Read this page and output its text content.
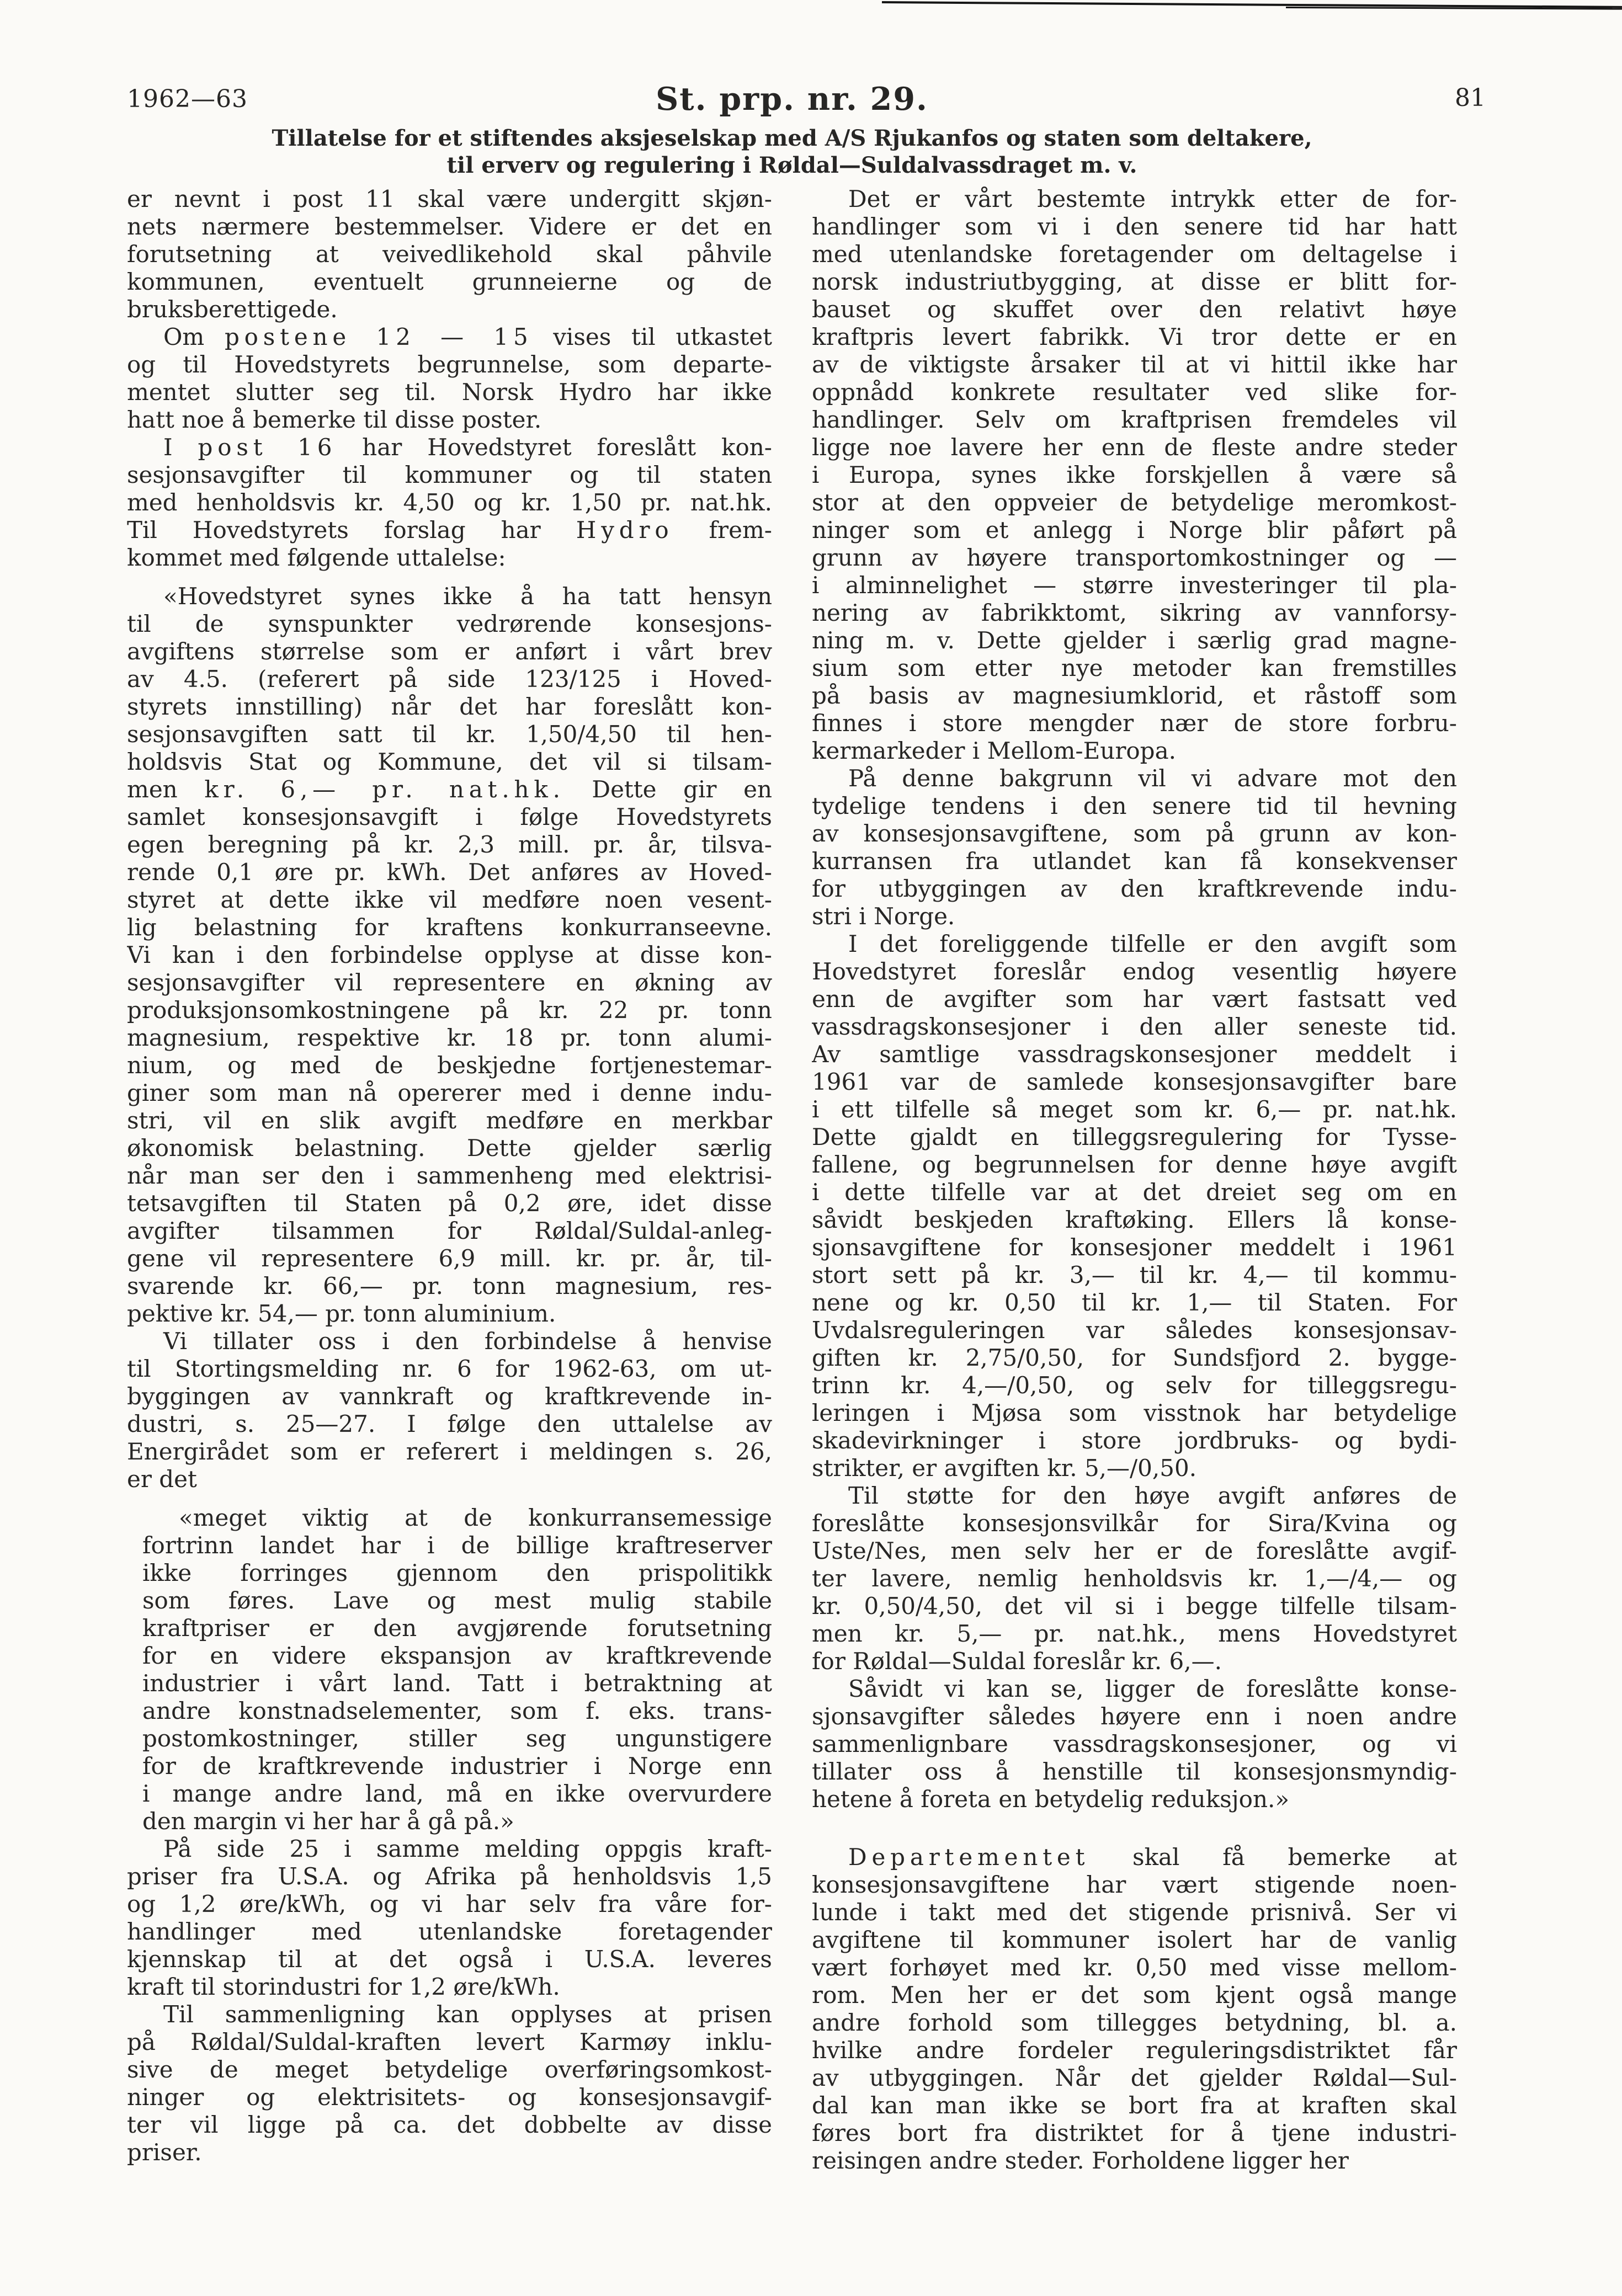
1962—63	St. prp. nr. 29.	81
Tillatelse for et stiftendes aksjeselskap med A/S Rjukanfos og staten som deltakere,
til erverv og regulering i Røldal—Suldalvassdraget m. v.
er nevnt i post 11 skal være undergitt skjøn-
nets nærmere bestemmelser. Videre er det en
forutsetning at veivedlikehold skal påhvile
kommunen, eventuelt grunneierne og de
bruksberettigede.
Om postene 12 — 15 vises til utkastet
og til Hovedstyrets begrunnelse, som departe-
mentet slutter seg til. Norsk Hydro har ikke
hatt noe å bemerke til disse poster.
I post 16 har Hovedstyret foreslått kon-
sesjonsavgifter til kommuner og til staten
med henholdsvis kr. 4,50 og kr. 1,50 pr. nat.hk.
Til Hovedstyrets forslag har Hydro frem-
kommet med følgende uttalelse:
«Hovedstyret synes ikke å ha tatt hensyn
til de synspunkter vedrørende konsesjons-
avgiftens størrelse som er anført i vårt brev
av 4.5. (referert på side 123/125 i Hoved-
styrets innstilling) når det har foreslått kon-
sesjonsavgiften satt til kr. 1,50/4,50 til hen-
holdsvis Stat og Kommune, det vil si tilsam-
men kr. 6,— pr. nat.hk. Dette gir en
samlet konsesjonsavgift i følge Hovedstyrets
egen beregning på kr. 2,3 mill. pr. år, tilsva-
rende 0,1 øre pr. kWh. Det anføres av Hoved-
styret at dette ikke vil medføre noen vesent-
lig belastning for kraftens konkurranseevne.
Vi kan i den forbindelse opplyse at disse kon-
sesjonsavgifter vil representere en økning av
produksjonsomkostningene på kr. 22 pr. tonn
magnesium, respektive kr. 18 pr. tonn alumi-
nium, og med de beskjedne fortjenestemar-
giner som man nå opererer med i denne indu-
stri, vil en slik avgift medføre en merkbar
økonomisk belastning. Dette gjelder særlig
når man ser den i sammenheng med elektrisi-
tetsavgiften til Staten på 0,2 øre, idet disse
avgifter tilsammen for Røldal/Suldal-anleg-
gene vil representere 6,9 mill. kr. pr. år, til-
svarende kr. 66,— pr. tonn magnesium, res-
pektive kr. 54,— pr. tonn aluminium.
Vi tillater oss i den forbindelse å henvise
til Stortingsmelding nr. 6 for 1962-63, om ut-
byggingen av vannkraft og kraftkrevende in-
dustri, s. 25—27. I følge den uttalelse av
Energirådet som er referert i meldingen s. 26,
er det
«meget viktig at de konkurransemessige
fortrinn landet har i de billige kraftreserver
ikke forringes gjennom den prispolitikk
som føres. Lave og mest mulig stabile
kraftpriser er den avgjørende forutsetning
for en videre ekspansjon av kraftkrevende
industrier i vårt land. Tatt i betraktning at
andre konstnadselementer, som f. eks. trans-
postomkostninger, stiller seg ungunstigere
for de kraftkrevende industrier i Norge enn
i mange andre land, må en ikke overvurdere
den margin vi her har å gå på.»
På side 25 i samme melding oppgis kraft-
priser fra U.S.A. og Afrika på henholdsvis 1,5
og 1,2 øre/kWh, og vi har selv fra våre for-
handlinger med utenlandske foretagender
kjennskap til at det også i U.S.A. leveres
kraft til storindustri for 1,2 øre/kWh.
Til sammenligning kan opplyses at prisen
på Røldal/Suldal-kraften levert Karmøy inklu-
sive de meget betydelige overføringsomkost-
ninger og elektrisitets- og konsesjonsavgif-
ter vil ligge på ca. det dobbelte av disse
priser.
Det er vårt bestemte intrykk etter de for-
handlinger som vi i den senere tid har hatt
med utenlandske foretagender om deltagelse i
norsk industriutbygging, at disse er blitt for-
bauset og skuffet over den relativt høye
kraftpris levert fabrikk. Vi tror dette er en
av de viktigste årsaker til at vi hittil ikke har
oppnådd konkrete resultater ved slike for-
handlinger. Selv om kraftprisen fremdeles vil
ligge noe lavere her enn de fleste andre steder
i Europa, synes ikke forskjellen å være så
stor at den oppveier de betydelige meromkost-
ninger som et anlegg i Norge blir påført på
grunn av høyere transportomkostninger og —
i alminnelighet — større investeringer til pla-
nering av fabrikktomt, sikring av vannforsy-
ning m. v. Dette gjelder i særlig grad magne-
sium som etter nye metoder kan fremstilles
på basis av magnesiumklorid, et råstoff som
finnes i store mengder nær de store forbru-
kermarkeder i Mellom-Europa.
På denne bakgrunn vil vi advare mot den
tydelige tendens i den senere tid til hevning
av konsesjonsavgiftene, som på grunn av kon-
kurransen fra utlandet kan få konsekvenser
for utbyggingen av den kraftkrevende indu-
stri i Norge.
I det foreliggende tilfelle er den avgift som
Hovedstyret foreslår endog vesentlig høyere
enn de avgifter som har vært fastsatt ved
vassdragskonsesjoner i den aller seneste tid.
Av samtlige vassdragskonsesjoner meddelt i
1961 var de samlede konsesjonsavgifter bare
i ett tilfelle så meget som kr. 6,— pr. nat.hk.
Dette gjaldt en tilleggsregulering for Tysse-
fallene, og begrunnelsen for denne høye avgift
i dette tilfelle var at det dreiet seg om en
såvidt beskjeden kraftøking. Ellers lå konse-
sjonsavgiftene for konsesjoner meddelt i 1961
stort sett på kr. 3,— til kr. 4,— til kommu-
nene og kr. 0,50 til kr. 1,— til Staten. For
Uvdalsreguleringen var således konsesjonsav-
giften kr. 2,75/0,50, for Sundsfjord 2. bygge-
trinn kr. 4,—/0,50, og selv for tilleggsregu-
leringen i Mjøsa som visstnok har betydelige
skadevirkninger i store jordbruks- og bydi-
strikter, er avgiften kr. 5,—/0,50.
Til støtte for den høye avgift anføres de
foreslåtte konsesjonsvilkår for Sira/Kvina og
Uste/Nes, men selv her er de foreslåtte avgif-
ter lavere, nemlig henholdsvis kr. 1,—/4,— og
kr. 0,50/4,50, det vil si i begge tilfelle tilsam-
men kr. 5,— pr. nat.hk., mens Hovedstyret
for Røldal—Suldal foreslår kr. 6,—.
Såvidt vi kan se, ligger de foreslåtte konse-
sjonsavgifter således høyere enn i noen andre
sammenlignbare vassdragskonsesjoner, og vi
tillater oss å henstille til konsesjonsmyndig-
hetene å foreta en betydelig reduksjon.»
Departementet skal få bemerke at
konsesjonsavgiftene har vært stigende noen-
lunde i takt med det stigende prisnivå. Ser vi
avgiftene til kommuner isolert har de vanlig
vært forhøyet med kr. 0,50 med visse mellom-
rom. Men her er det som kjent også mange
andre forhold som tillegges betydning, bl. a.
hvilke andre fordeler reguleringsdistriktet får
av utbyggingen. Når det gjelder Røldal—Sul-
dal kan man ikke se bort fra at kraften skal
føres bort fra distriktet for å tjene industri-
reisingen andre steder. Forholdene ligger her
